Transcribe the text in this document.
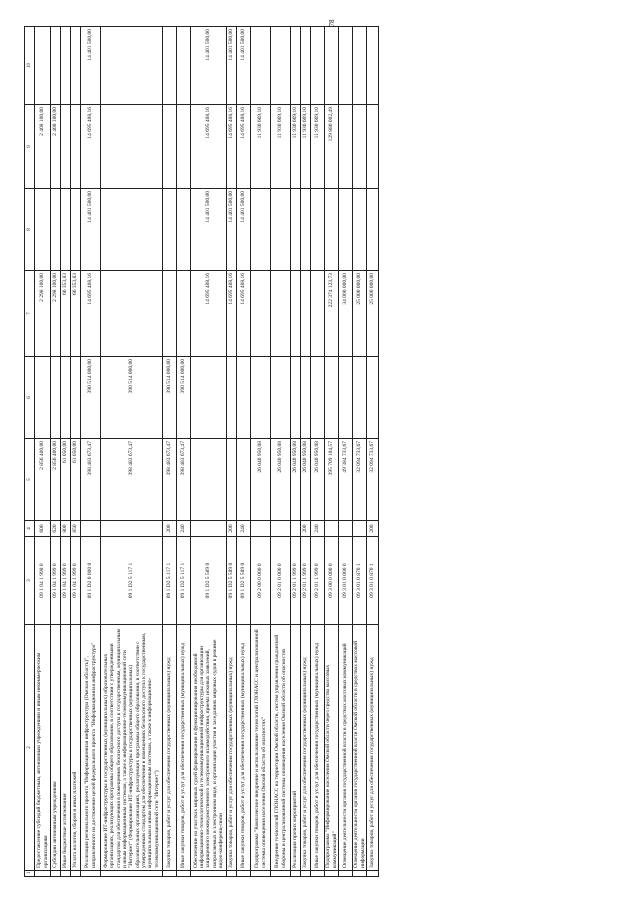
78
1	2	3	4	5	6	7	8	9	10
	Предоставление субсидий бюджетным, автономным учреждениям и иным некоммерческим организациям	09 1 04 1 998 0	600	2 856 400,00		2 298 100,00		2 408 100,00	
	Субсидии автономным учреждениям	09 1 04 1 999 0	620	2 856 400,00		2 298 100,00		2 408 100,00	
	Иные бюджетные ассигнования	09 1 04 1 999 0	800	61 050,00		66 353,83			
	Уплата налогов, сборов и иных платежей	09 1 04 1 999 0	850	61 050,00		66 353,83			
	Реализация регионального проекта "Информационная инфраструктура (Омская область)", направленного на достижение целей федерального проекта "Информационная инфраструктура"	09 1 D2 0 000 0		398 483 673,47	390 514 000,00	14 695 408,16	14 401 500,00	14 695 408,16	14 401 500,00
	Формирование ИТ-инфраструктуры в государственных (муниципальных) образовательных организациях, реализующих программы общего образования, в соответствии с утвержденными стандартом для обеспечения в помещениях безопасного доступа к государственным, муниципальным и иным информационным системам, а также к информационно-телекоммуникационной сети "Интернет" (Формирование ИТ-инфраструктуры в государственных (муниципальных) образовательных организациях, реализующих программы общего образования, в соответствии с утвержденным стандартом для обеспечения в помещениях безопасного доступа к государственным, муниципальным и иным информационным системам, а также к информационно-телекоммуникационной сети "Интернет")	09 1 D2 5 117 1		398 483 673,47	390 514 000,00				
	Закупка товаров, работ и услуг для обеспечения государственных (муниципальных) нужд	09 1 D2 5 117 1	200	398 483 673,47	390 514 000,00				
	Иные закупки товаров, работ и услуг для обеспечения государственных (муниципальных) нужд	09 1 D2 5 117 1	240	398 483 673,47	390 514 000,00				
	Обеспечение на участках мировых судей формирования и функционирования необходимой информационно-технологической и телекоммуникационной инфраструктуры для организации защищенного межведомственного электронного взаимодействия, приема исковых заявлений, направляемых в электронном виде, и организации участия в заседаниях мировых судов в режиме видео-конференц-связи	09 1 D2 5 589 0				14 695 408,16	14 401 500,00	14 695 408,16	14 401 500,00
	Закупка товаров, работ и услуг для обеспечения государственных (муниципальных) нужд	09 1 D2 5 589 0	200			14 695 408,16	14 401 500,00	14 695 408,16	14 401 500,00
	Иные закупки товаров, работ и услуг для обеспечения государственных (муниципальных) нужд	09 1 D2 5 589 0	240			14 695 408,16	14 401 500,00	14 695 408,16	14 401 500,00
	Подпрограмма "Комплексное внедрение и использование технологий ГЛОНАСС и централизованной системы оповещения населения Омской области об опасностях"	09 2 00 0 000 0		26 040 950,08				11 930 669,10	
	Внедрение технологий ГЛОНАСС на территории Омской области, систем управления гражданской обороны и централизованной системы оповещения населения Омской области об опасностях	09 2 01 0 000 0		26 040 950,08				11 930 669,10	
	Реализация прочих мероприятий	09 2 01 1 999 0		26 040 950,08				11 930 669,10	
	Закупка товаров, работ и услуг для обеспечения государственных (муниципальных) нужд	09 2 01 1 999 0	200	26 040 950,08				11 930 669,10	
	Иные закупки товаров, работ и услуг для обеспечения государственных (муниципальных) нужд	09 2 01 1 999 0	240	26 040 950,08				11 930 669,10	
	Подпрограмма "Информирование населения Омской области через средства массовых коммуникаций"	09 3 00 0 000 0		395 709 104,57		222 374 123,73		129 880 002,49	
	Освещение деятельности органов государственной власти в средствах массовых коммуникаций	09 3 01 0 000 0		49 384 733,67		34 000 000,00			
	Освещение деятельности органов государственной власти Омской области в средствах массовой информации	09 3 01 0 870 1		32 094 733,67		25 000 000,00			
	Закупка товаров, работ и услуг для обеспечения государственных (муниципальных) нужд	09 3 01 0 870 1	200	32 094 733,67		25 000 000,00			
